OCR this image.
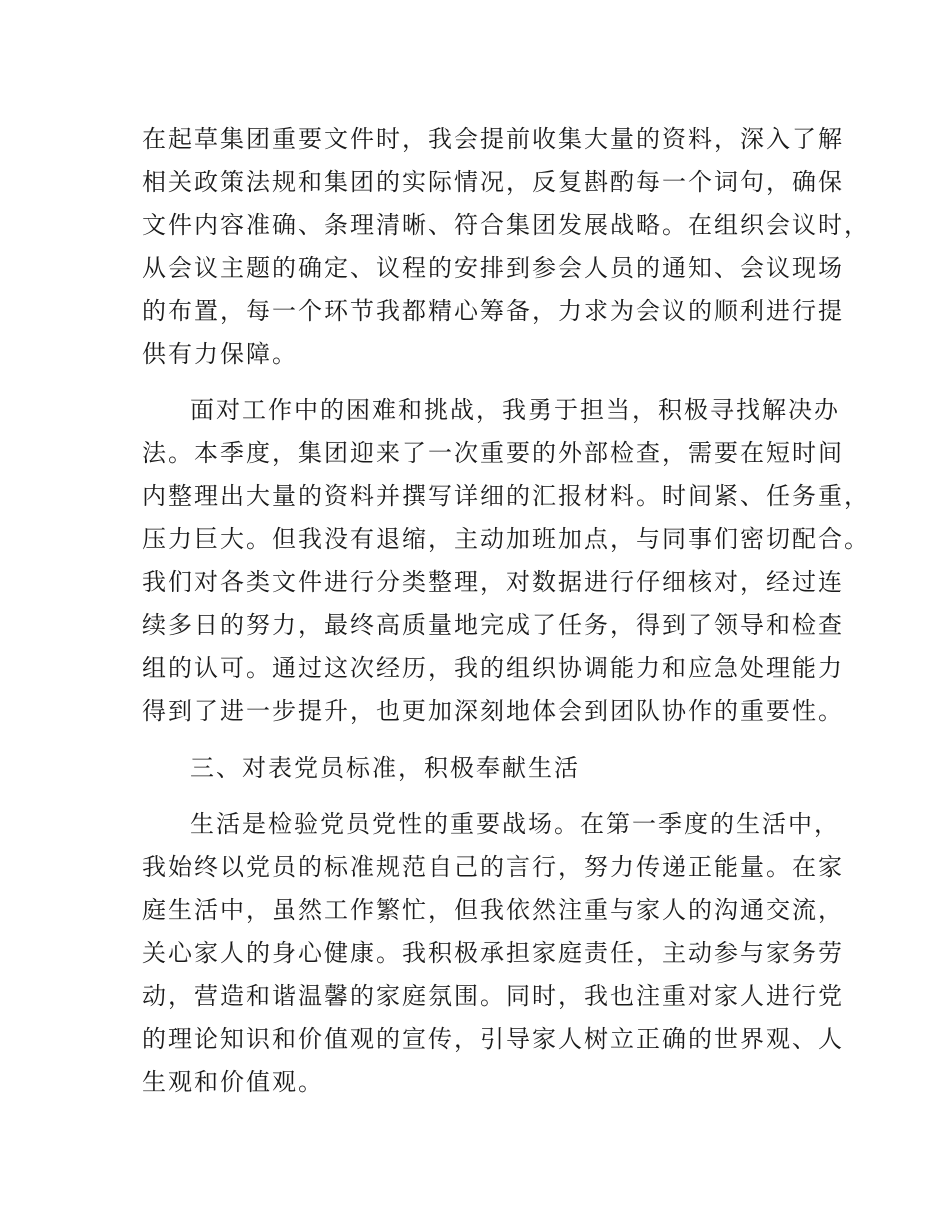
在起草集团重要文件时，我会提前收集大量的资料，深入了解
相关政策法规和集团的实际情况，反复斟酌每一个词句，确保
文件内容准确、条理清晰、符合集团发展战略。在组织会议时，
从会议主题的确定、议程的安排到参会人员的通知、会议现场
的布置，每一个环节我都精心筹备，力求为会议的顺利进行提
供有力保障。
面对工作中的困难和挑战，我勇于担当，积极寻找解决办
法。本季度，集团迎来了一次重要的外部检查，需要在短时间
内整理出大量的资料并撰写详细的汇报材料。时间紧、任务重，
压力巨大。但我没有退缩，主动加班加点，与同事们密切配合。
我们对各类文件进行分类整理，对数据进行仔细核对，经过连
续多日的努力，最终高质量地完成了任务，得到了领导和检查
组的认可。通过这次经历，我的组织协调能力和应急处理能力
得到了进一步提升，也更加深刻地体会到团队协作的重要性。
三、对表党员标准，积极奉献生活
生活是检验党员党性的重要战场。在第一季度的生活中，
我始终以党员的标准规范自己的言行，努力传递正能量。在家
庭生活中，虽然工作繁忙，但我依然注重与家人的沟通交流，
关心家人的身心健康。我积极承担家庭责任，主动参与家务劳
动，营造和谐温馨的家庭氛围。同时，我也注重对家人进行党
的理论知识和价值观的宣传，引导家人树立正确的世界观、人
生观和价值观。
